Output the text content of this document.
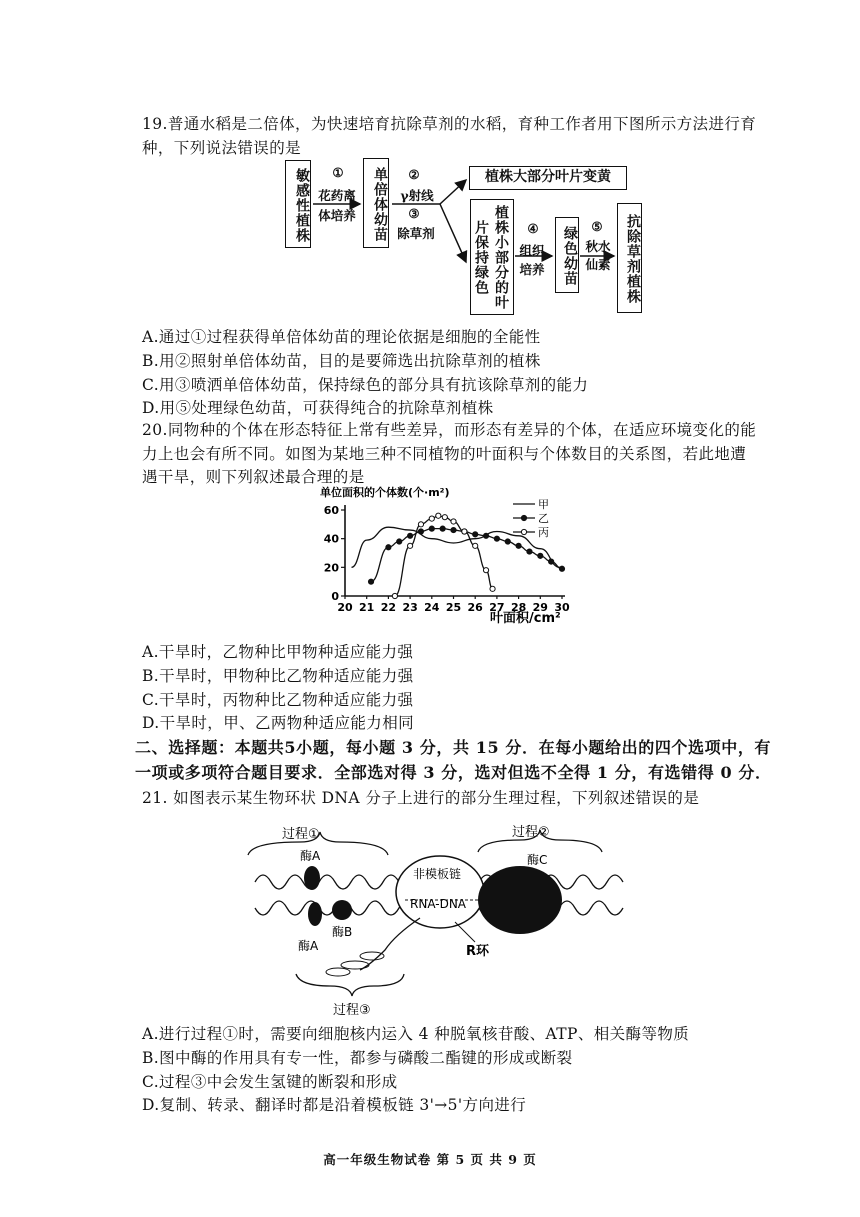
19.普通水稻是二倍体，为快速培育抗除草剂的水稻，育种工作者用下图所示方法进行育
种，下列说法错误的是
敏感性植株	①
花药离
体培养	单倍体幼苗	②
γ射线
③
除草剂
植株大部分叶片变黄
植株小部分的叶片保持绿色	④
组织
培养	绿色幼苗	⑤
秋水
仙素	抗除草剂植株
A.通过①过程获得单倍体幼苗的理论依据是细胞的全能性
B.用②照射单倍体幼苗，目的是要筛选出抗除草剂的植株
C.用③喷洒单倍体幼苗，保持绿色的部分具有抗该除草剂的能力
D.用⑤处理绿色幼苗，可获得纯合的抗除草剂植株
20.同物种的个体在形态特征上常有些差异，而形态有差异的个体，在适应环境变化的能
力上也会有所不同。如图为某地三种不同植物的叶面积与个体数目的关系图，若此地遭
遇干旱，则下列叙述最合理的是
单位面积的个体数(个·m²)
叶面积/cm²
0
20
40
60
20 21 22 23 24 25 26 27 28 29 30
甲
乙
丙
A.干旱时，乙物种比甲物种适应能力强
B.干旱时，甲物种比乙物种适应能力强
C.干旱时，丙物种比乙物种适应能力强
D.干旱时，甲、乙两物种适应能力相同
二、选择题：本题共5小题，每小题 3 分，共 15 分．在每小题给出的四个选项中，有
一项或多项符合题目要求．全部选对得 3 分，选对但选不全得 1 分，有选错得 0 分．
21. 如图表示某生物环状 DNA 分子上进行的部分生理过程，下列叙述错误的是
过程①	过程②
酶A	酶C
酶A
酶B
非模板链
RNA-DNA
R环
过程③
A.进行过程①时，需要向细胞核内运入 4 种脱氧核苷酸、ATP、相关酶等物质
B.图中酶的作用具有专一性，都参与磷酸二酯键的形成或断裂
C.过程③中会发生氢键的断裂和形成
D.复制、转录、翻译时都是沿着模板链 3'→5'方向进行
高一年级生物试卷 第 5 页 共 9 页
